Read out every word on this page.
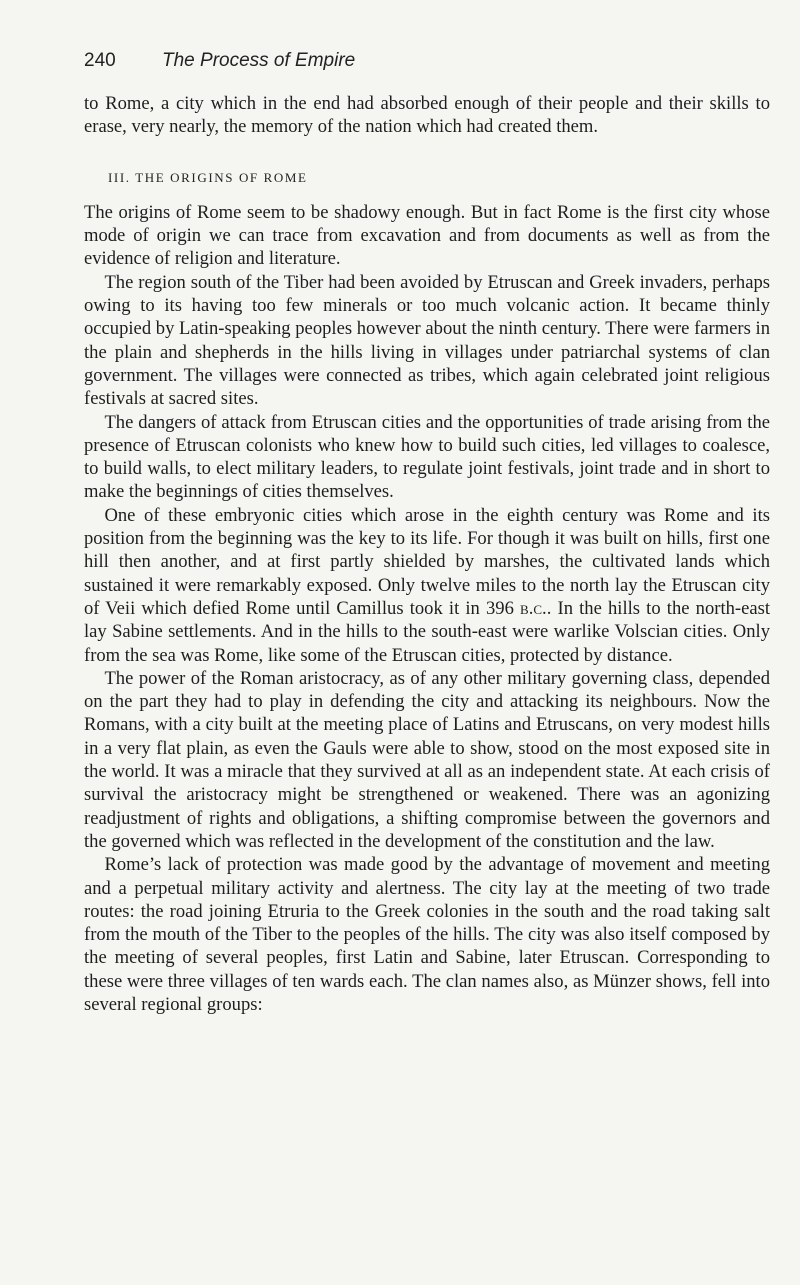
240 The Process of Empire

to Rome, a city which in the end had absorbed enough of their people and their skills to erase, very nearly, the memory of the nation which had created them.

III. THE ORIGINS OF ROME

The origins of Rome seem to be shadowy enough. But in fact Rome is the first city whose mode of origin we can trace from excavation and from documents as well as from the evidence of religion and literature.

The region south of the Tiber had been avoided by Etruscan and Greek invaders, perhaps owing to its having too few minerals or too much volcanic action. It became thinly occupied by Latin-speaking peoples however about the ninth century. There were farmers in the plain and shepherds in the hills living in villages under patriarchal systems of clan government. The villages were connected as tribes, which again celebrated joint religious festivals at sacred sites.

The dangers of attack from Etruscan cities and the opportunities of trade arising from the presence of Etruscan colonists who knew how to build such cities, led villages to coalesce, to build walls, to elect military leaders, to regulate joint festivals, joint trade and in short to make the beginnings of cities themselves.

One of these embryonic cities which arose in the eighth century was Rome and its position from the beginning was the key to its life. For though it was built on hills, first one hill then another, and at first partly shielded by marshes, the cultivated lands which sustained it were remarkably exposed. Only twelve miles to the north lay the Etruscan city of Veii which defied Rome until Camillus took it in 396 b.c.. In the hills to the north-east lay Sabine settlements. And in the hills to the south-east were warlike Volscian cities. Only from the sea was Rome, like some of the Etruscan cities, protected by distance.

The power of the Roman aristocracy, as of any other military governing class, depended on the part they had to play in defending the city and attacking its neighbours. Now the Romans, with a city built at the meeting place of Latins and Etruscans, on very modest hills in a very flat plain, as even the Gauls were able to show, stood on the most exposed site in the world. It was a miracle that they survived at all as an independent state. At each crisis of survival the aristocracy might be strengthened or weakened. There was an agonizing readjustment of rights and obligations, a shifting compromise between the governors and the governed which was reflected in the development of the constitution and the law.

Rome’s lack of protection was made good by the advantage of movement and meeting and a perpetual military activity and alertness. The city lay at the meeting of two trade routes: the road joining Etruria to the Greek colonies in the south and the road taking salt from the mouth of the Tiber to the peoples of the hills. The city was also itself composed by the meeting of several peoples, first Latin and Sabine, later Etruscan. Corresponding to these were three villages of ten wards each. The clan names also, as Münzer shows, fell into several regional groups:
